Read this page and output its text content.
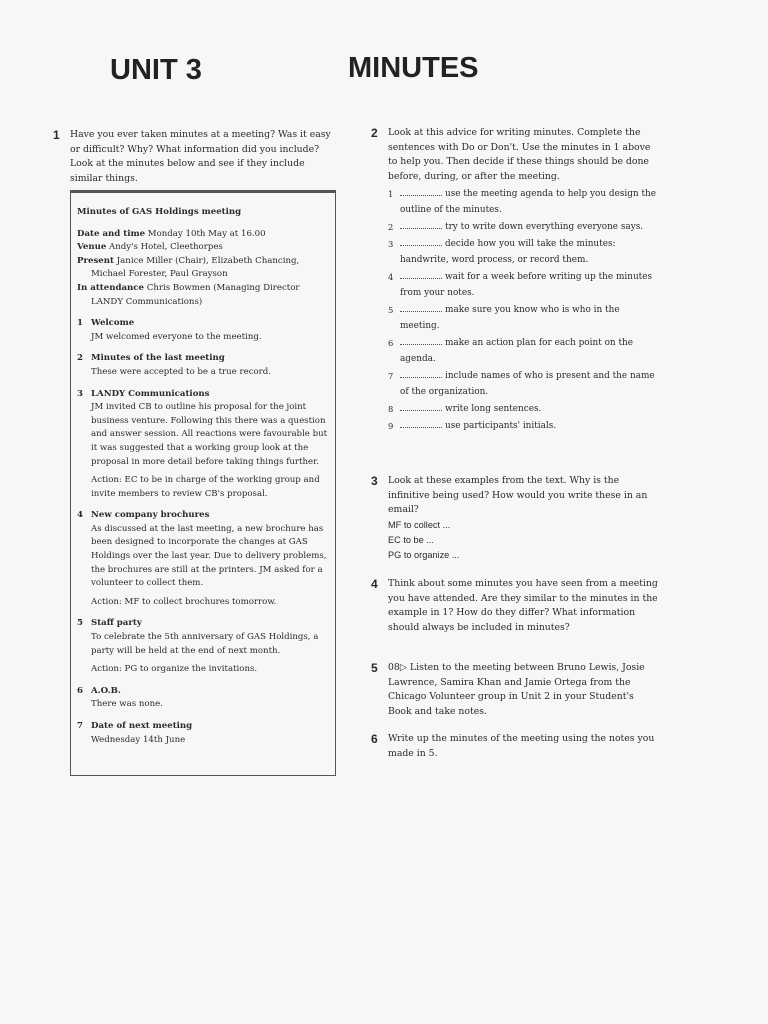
UNIT 3	MINUTES
1 Have you ever taken minutes at a meeting? Was it easy or difficult? Why? What information did you include? Look at the minutes below and see if they include similar things.
Minutes of GAS Holdings meeting
Date and time Monday 10th May at 16.00
Venue Andy's Hotel, Cleethorpes
Present Janice Miller (Chair), Elizabeth Chancing,
Michael Forester, Paul Grayson
In attendance Chris Bowmen (Managing Director
LANDY Communications)
1 Welcome
JM welcomed everyone to the meeting.
2 Minutes of the last meeting
These were accepted to be a true record.
3 LANDY Communications
JM invited CB to outline his proposal for the joint business venture. Following this there was a question and answer session. All reactions were favourable but it was suggested that a working group look at the proposal in more detail before taking things further.
Action: EC to be in charge of the working group and invite members to review CB's proposal.
4 New company brochures
As discussed at the last meeting, a new brochure has been designed to incorporate the changes at GAS Holdings over the last year. Due to delivery problems, the brochures are still at the printers. JM asked for a volunteer to collect them.
Action: MF to collect brochures tomorrow.
5 Staff party
To celebrate the 5th anniversary of GAS Holdings, a party will be held at the end of next month.
Action: PG to organize the invitations.
6 A.O.B.
There was none.
7 Date of next meeting
Wednesday 14th June
2 Look at this advice for writing minutes. Complete the sentences with Do or Don't. Use the minutes in 1 above to help you. Then decide if these things should be done before, during, or after the meeting.
1	use the meeting agenda to help you design the outline of the minutes.
2	try to write down everything everyone says.
3	decide how you will take the minutes: handwrite, word process, or record them.
4	wait for a week before writing up the minutes from your notes.
5	make sure you know who is who in the meeting.
6	make an action plan for each point on the agenda.
7	include names of who is present and the name of the organization.
8	write long sentences.
9	use participants' initials.
3 Look at these examples from the text. Why is the infinitive being used? How would you write these in an email?
MF to collect ...
EC to be ...
PG to organize ...
4 Think about some minutes you have seen from a meeting you have attended. Are they similar to the minutes in the example in 1? How do they differ? What information should always be included in minutes?
5 08▷ Listen to the meeting between Bruno Lewis, Josie Lawrence, Samira Khan and Jamie Ortega from the Chicago Volunteer group in Unit 2 in your Student's Book and take notes.
6 Write up the minutes of the meeting using the notes you made in 5.
